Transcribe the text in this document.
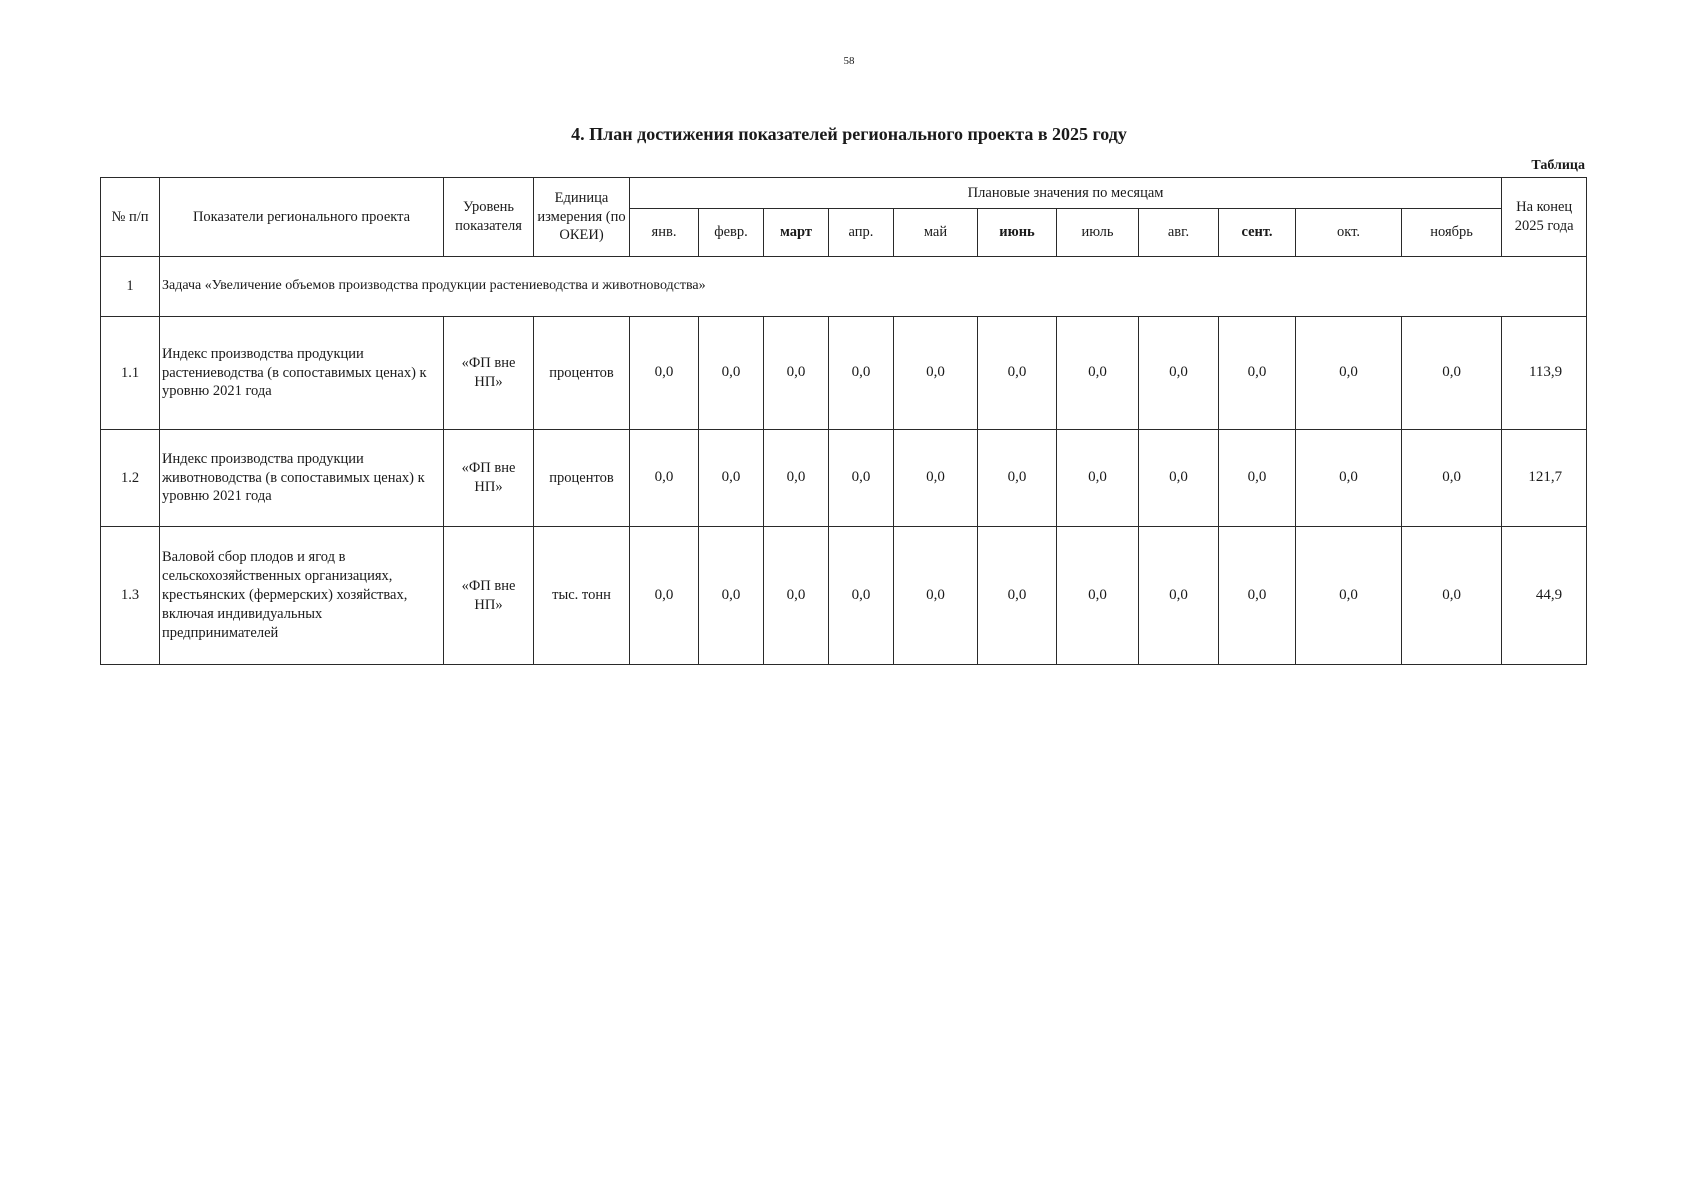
58
4. План достижения показателей регионального проекта в 2025 году
Таблица
№ п/п	Показатели регионального проекта	Уровень показателя	Единица измерения (по ОКЕИ)	Плановые значения по месяцам											На конец 2025 года
				янв.	февр.	март	апр.	май	июнь	июль	авг.	сент.	окт.	ноябрь	
1	Задача «Увеличение объемов производства продукции растениеводства и животноводства»														
1.1	Индекс производства продукции растениеводства (в сопоставимых ценах) к уровню 2021 года	«ФП вне НП»	процентов	0,0	0,0	0,0	0,0	0,0	0,0	0,0	0,0	0,0	0,0	0,0	113,9
1.2	Индекс производства продукции животноводства (в сопоставимых ценах) к уровню 2021 года	«ФП вне НП»	процентов	0,0	0,0	0,0	0,0	0,0	0,0	0,0	0,0	0,0	0,0	0,0	121,7
1.3	Валовой сбор плодов и ягод в сельскохозяйственных организациях, крестьянских (фермерских) хозяйствах, включая индивидуальных предпринимателей	«ФП вне НП»	тыс. тонн	0,0	0,0	0,0	0,0	0,0	0,0	0,0	0,0	0,0	0,0	0,0	44,9
